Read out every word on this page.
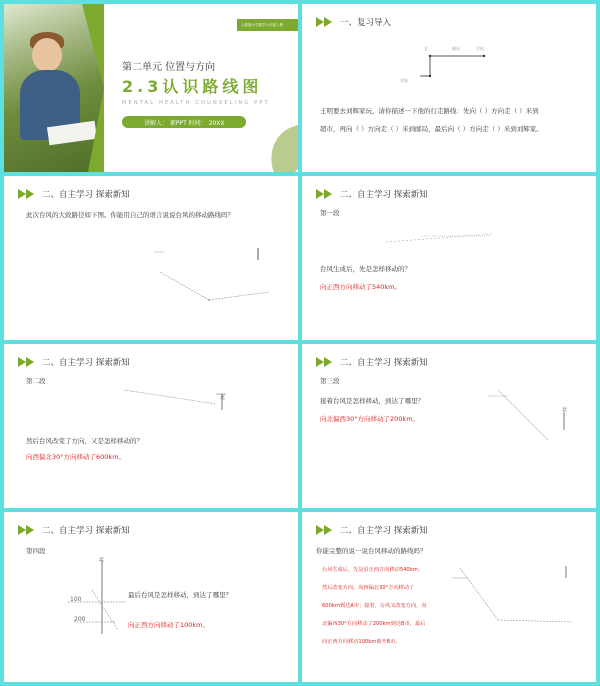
人教版小学数学六年级上册
第二单元 位置与方向
2.3认识路线图
MENTAL HEALTH COUNSELING PPT
讲解人： 素PPT 时间： 20XX
一、复习导入
北	邮局	学校
刘家
王明要去刘辉家玩，请你描述一下他的行走路线：先向（ ）方向走（ ）米到
超市，再向（ ）方向走（ ）米到邮局，最后向（ ）方向走（ ）米到刘辉家。
二、自主学习 探索新知
此次台风的大致路径如下图。你能用自己的语言说说台风的移动路线吗？
二、自主学习 探索新知
第一段
台风生成后，先是怎样移动的？
向正西方向移动了540km。
二、自主学习 探索新知
第二段
北
然后台风改变了方向，又是怎样移动的？
向西偏北30°方向移动了600km。
二、自主学习 探索新知
第三段
接着台风是怎样移动，到达了哪里？
向北偏西30°方向移动了200km。
北
二、自主学习 探索新知
第四段
北
100
200
最后台风是怎样移动，到达了哪里？
向正西方向移动了100km。
二、自主学习 探索新知
你能完整的说一说台风移动的路线吗？
台风生成后，先是沿正西方向移动540km；
然后改变方向，向西偏北30°方向移动了
600km到达A市；接着，台风又改变方向，向
北偏西30°方向移动了200km到达B市，最后
向正西方向移动100km离开B市。
